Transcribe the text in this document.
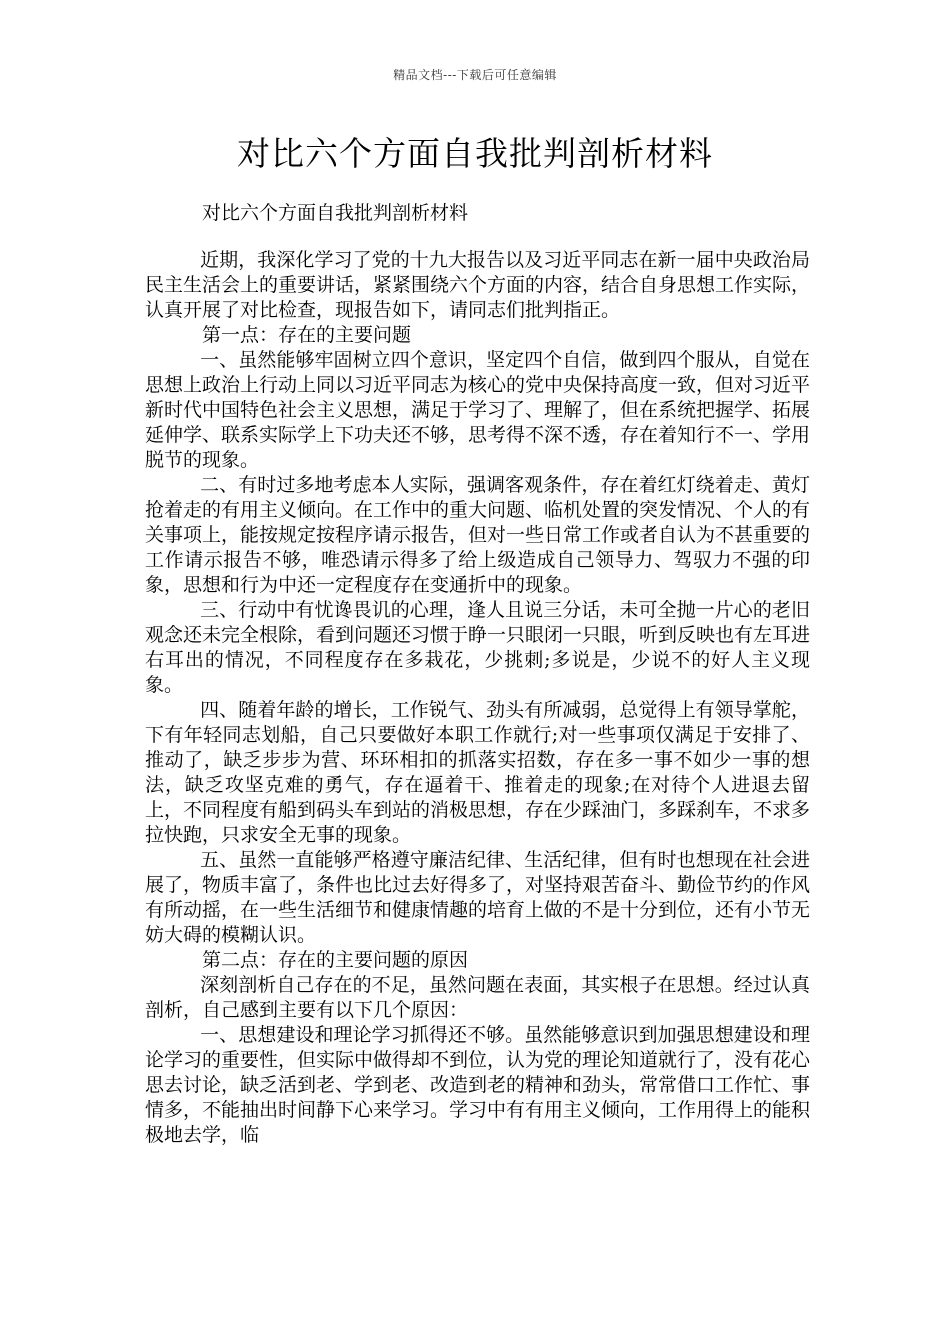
精品文档---下载后可任意编辑
对比六个方面自我批判剖析材料
对比六个方面自我批判剖析材料

近期，我深化学习了党的十九大报告以及习近平同志在新一届中央政治局民主生活会上的重要讲话，紧紧围绕六个方面的内容，结合自身思想工作实际，认真开展了对比检查，现报告如下，请同志们批判指正。

第一点：存在的主要问题

一、虽然能够牢固树立四个意识，坚定四个自信，做到四个服从，自觉在思想上政治上行动上同以习近平同志为核心的党中央保持高度一致，但对习近平新时代中国特色社会主义思想，满足于学习了、理解了，但在系统把握学、拓展延伸学、联系实际学上下功夫还不够，思考得不深不透，存在着知行不一、学用脱节的现象。

二、有时过多地考虑本人实际，强调客观条件，存在着红灯绕着走、黄灯抢着走的有用主义倾向。在工作中的重大问题、临机处置的突发情况、个人的有关事项上，能按规定按程序请示报告，但对一些日常工作或者自认为不甚重要的工作请示报告不够，唯恐请示得多了给上级造成自己领导力、驾驭力不强的印象，思想和行为中还一定程度存在变通折中的现象。

三、行动中有忧谗畏讥的心理，逢人且说三分话，未可全抛一片心的老旧观念还未完全根除，看到问题还习惯于睁一只眼闭一只眼，听到反映也有左耳进右耳出的情况，不同程度存在多栽花，少挑刺;多说是，少说不的好人主义现象。

四、随着年龄的增长，工作锐气、劲头有所减弱，总觉得上有领导掌舵，下有年轻同志划船，自己只要做好本职工作就行;对一些事项仅满足于安排了、推动了，缺乏步步为营、环环相扣的抓落实招数，存在多一事不如少一事的想法，缺乏攻坚克难的勇气，存在逼着干、推着走的现象;在对待个人进退去留上，不同程度有船到码头车到站的消极思想，存在少踩油门，多踩刹车，不求多拉快跑，只求安全无事的现象。

五、虽然一直能够严格遵守廉洁纪律、生活纪律，但有时也想现在社会进展了，物质丰富了，条件也比过去好得多了，对坚持艰苦奋斗、勤俭节约的作风有所动摇，在一些生活细节和健康情趣的培育上做的不是十分到位，还有小节无妨大碍的模糊认识。

第二点：存在的主要问题的原因

深刻剖析自己存在的不足，虽然问题在表面，其实根子在思想。经过认真剖析，自己感到主要有以下几个原因：

一、思想建设和理论学习抓得还不够。虽然能够意识到加强思想建设和理论学习的重要性，但实际中做得却不到位，认为党的理论知道就行了，没有花心思去讨论，缺乏活到老、学到老、改造到老的精神和劲头，常常借口工作忙、事情多，不能抽出时间静下心来学习。学习中有有用主义倾向，工作用得上的能积极地去学，临
